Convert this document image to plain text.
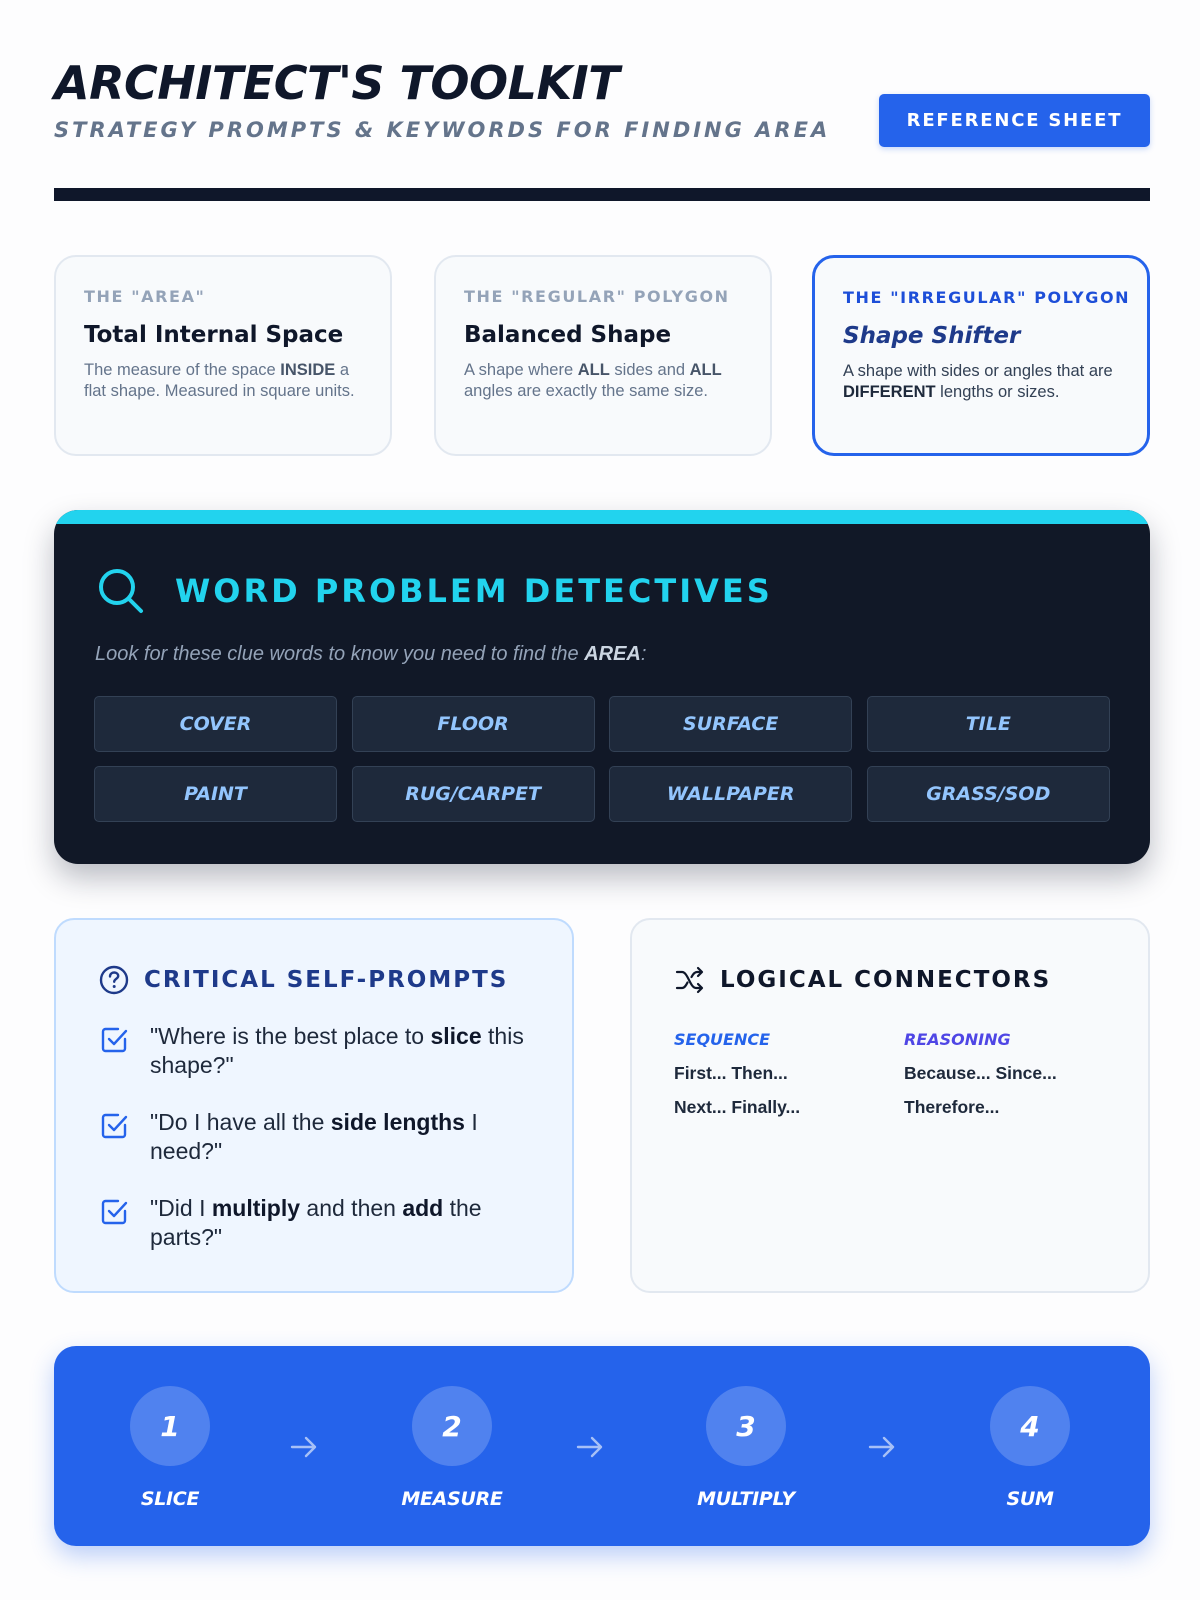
ARCHITECT'S TOOLKIT
STRATEGY PROMPTS & KEYWORDS FOR FINDING AREA	REFERENCE SHEET
THE "AREA"
Total Internal Space
The measure of the space INSIDE a flat shape. Measured in square units.
THE "REGULAR" POLYGON
Balanced Shape
A shape where ALL sides and ALL angles are exactly the same size.
THE "IRREGULAR" POLYGON
Shape Shifter
A shape with sides or angles that are DIFFERENT lengths or sizes.
WORD PROBLEM DETECTIVES
Look for these clue words to know you need to find the AREA:
COVER	FLOOR	SURFACE	TILE
PAINT	RUG/CARPET	WALLPAPER	GRASS/SOD
CRITICAL SELF-PROMPTS
"Where is the best place to slice this shape?"
"Do I have all the side lengths I need?"
"Did I multiply and then add the parts?"
LOGICAL CONNECTORS
SEQUENCE
First... Then...
Next... Finally...
REASONING
Because... Since...
Therefore...
1
SLICE
2
MEASURE
3
MULTIPLY
4
SUM
